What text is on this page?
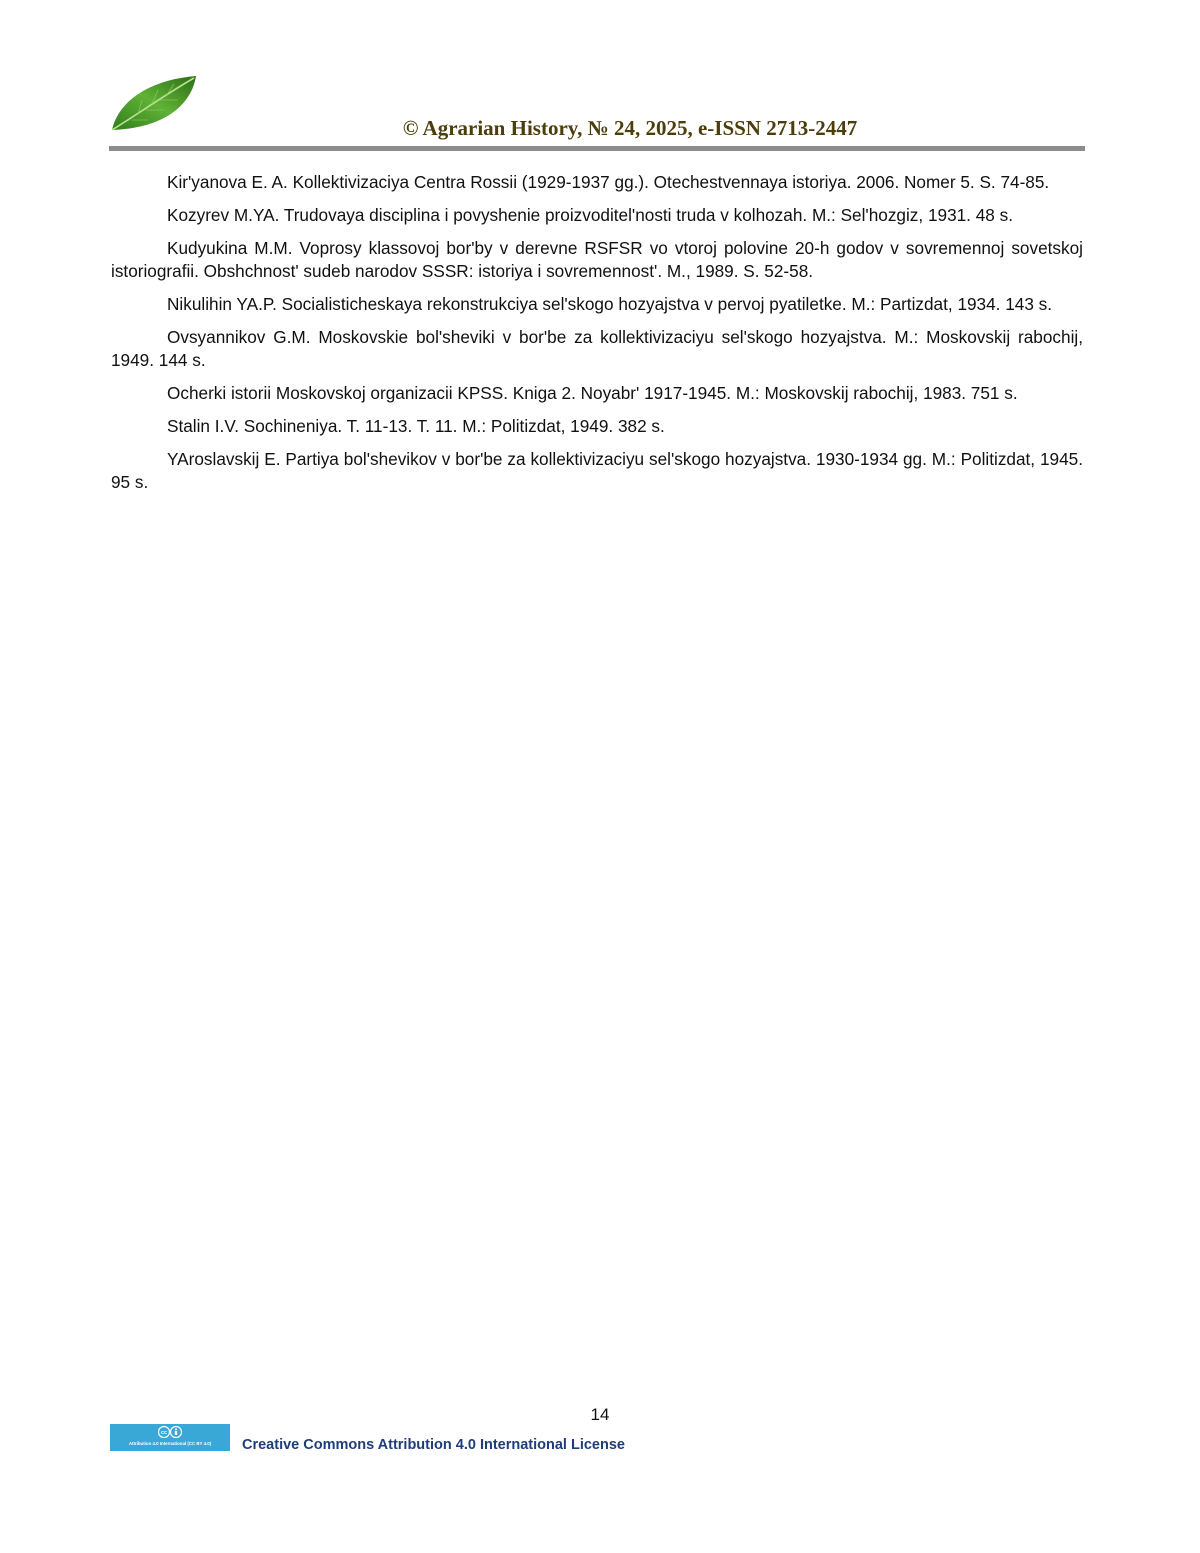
© Agrarian History, № 24, 2025, e-ISSN 2713-2447

Kir'yanova E. A. Kollektivizaciya Centra Rossii (1929-1937 gg.). Otechestvennaya istoriya. 2006. Nomer 5. S. 74-85.

Kozyrev M.YA. Trudovaya disciplina i povyshenie proizvoditel'nosti truda v kolhozah. M.: Sel'hozgiz, 1931. 48 s.

Kudyukina M.M. Voprosy klassovoj bor'by v derevne RSFSR vo vtoroj polovine 20-h godov v sovremennoj sovetskoj istoriografii. Obshchnost' sudeb narodov SSSR: istoriya i sovremennost'. M., 1989. S. 52-58.

Nikulihin YA.P. Socialisticheskaya rekonstrukciya sel'skogo hozyajstva v pervoj pyatiletke. M.: Partizdat, 1934. 143 s.

Ovsyannikov G.M. Moskovskie bol'sheviki v bor'be za kollektivizaciyu sel'skogo hozyajstva. M.: Moskovskij rabochij, 1949. 144 s.

Ocherki istorii Moskovskoj organizacii KPSS. Kniga 2. Noyabr' 1917-1945. M.: Moskovskij rabochij, 1983. 751 s.

Stalin I.V. Sochineniya. T. 11-13. T. 11. M.: Politizdat, 1949. 382 s.

YAroslavskij E. Partiya bol'shevikov v bor'be za kollektivizaciyu sel'skogo hozyajstva. 1930-1934 gg. M.: Politizdat, 1945. 95 s.

14
cc
Attribution 4.0 International (CC BY 4.0)	Creative Commons Attribution 4.0 International License
